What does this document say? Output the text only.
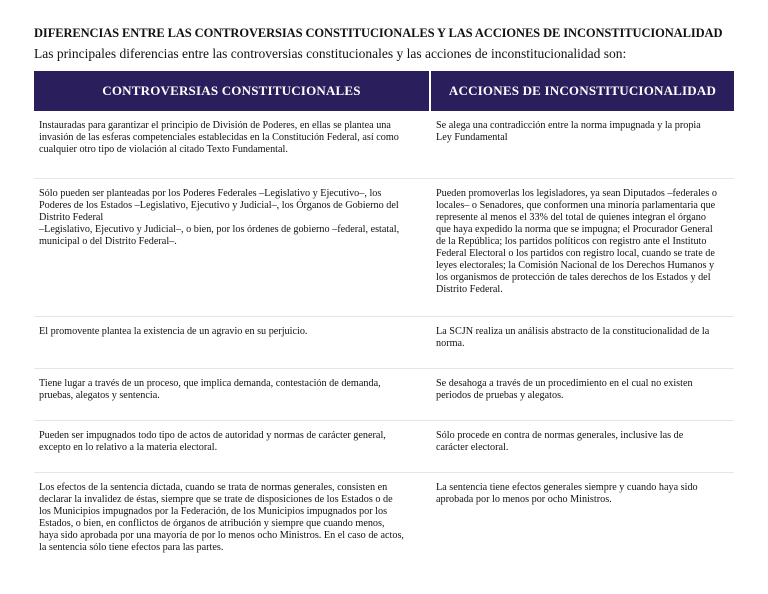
DIFERENCIAS ENTRE LAS CONTROVERSIAS CONSTITUCIONALES Y LAS ACCIONES DE INCONSTITUCIONALIDAD

Las principales diferencias entre las controversias constitucionales y las acciones de inconstitucionalidad son:

CONTROVERSIAS CONSTITUCIONALES	ACCIONES DE INCONSTITUCIONALIDAD
Instauradas para garantizar el principio de División de Poderes, en ellas se plantea una
invasión de las esferas competenciales establecidas en la Constitución Federal, así como
cualquier otro tipo de violación al citado Texto Fundamental.
Se alega una contradicción entre la norma impugnada y la propia
Ley Fundamental
Sólo pueden ser planteadas por los Poderes Federales –Legislativo y Ejecutivo–, los
Poderes de los Estados –Legislativo, Ejecutivo y Judicial–, los Órganos de Gobierno del
Distrito Federal
–Legislativo, Ejecutivo y Judicial–, o bien, por los órdenes de gobierno –federal, estatal,
municipal o del Distrito Federal–.
Pueden promoverlas los legisladores, ya sean Diputados –federales o
locales– o Senadores, que conformen una minoría parlamentaria que
represente al menos el 33% del total de quienes integran el órgano
que haya expedido la norma que se impugna; el Procurador General
de la República; los partidos políticos con registro ante el Instituto
Federal Electoral o los partidos con registro local, cuando se trate de
leyes electorales; la Comisión Nacional de los Derechos Humanos y
los organismos de protección de tales derechos de los Estados y del
Distrito Federal.
El promovente plantea la existencia de un agravio en su perjuicio.	La SCJN realiza un análisis abstracto de la constitucionalidad de la
norma.
Tiene lugar a través de un proceso, que implica demanda, contestación de demanda,
pruebas, alegatos y sentencia.
Se desahoga a través de un procedimiento en el cual no existen
periodos de pruebas y alegatos.
Pueden ser impugnados todo tipo de actos de autoridad y normas de carácter general,
excepto en lo relativo a la materia electoral.
Sólo procede en contra de normas generales, inclusive las de
carácter electoral.
Los efectos de la sentencia dictada, cuando se trata de normas generales, consisten en
declarar la invalidez de éstas, siempre que se trate de disposiciones de los Estados o de
los Municipios impugnados por la Federación, de los Municipios impugnados por los
Estados, o bien, en conflictos de órganos de atribución y siempre que cuando menos,
haya sido aprobada por una mayoría de por lo menos ocho Ministros. En el caso de actos,
la sentencia sólo tiene efectos para las partes.
La sentencia tiene efectos generales siempre y cuando haya sido
aprobada por lo menos por ocho Ministros.
